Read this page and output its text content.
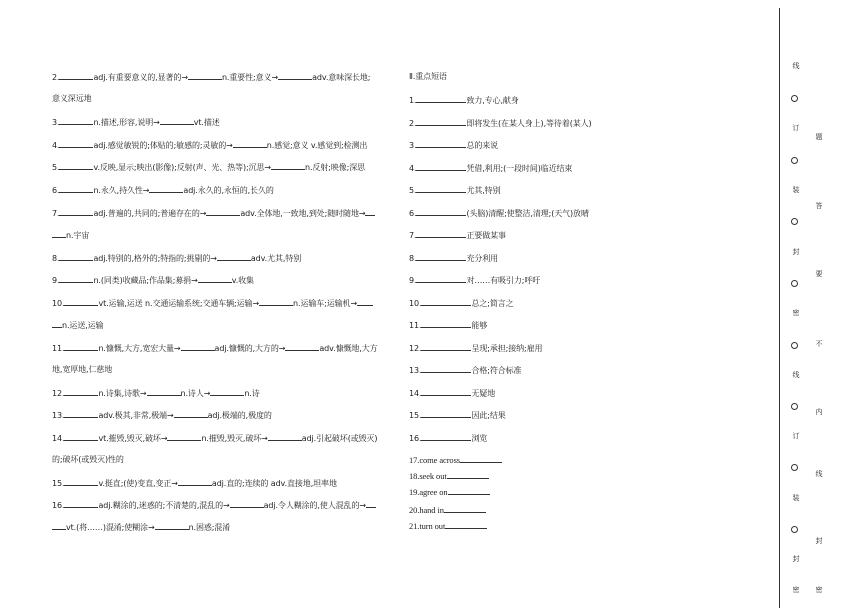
2.	adj.有重要意义的,显著的→	n.重要性;意义→	adv.意味深长地;
意义深远地
3.	n.描述,形容,说明→	vt.描述
4.	adj.感觉敏锐的;体贴的;敏感的;灵敏的→	n.感觉;意义 v.感觉到;检测出
5.	v.反映,显示;映出(影像);反射(声、光、热等);沉思→	n.反射;映像;深思
6.	n.永久,持久性→	adj.永久的,永恒的,长久的
7.	adj.普遍的,共同的;普遍存在的→	adv.全体地,一致地,到处;随时随地→
n.宇宙
8.	adj.特别的,格外的;特指的;挑剔的→	adv.尤其,特别
9.	n.(同类)收藏品;作品集;募捐→	v.收集
10.	vt.运输,运送 n.交通运输系统;交通车辆;运输→	n.运输车;运输机→
n.运送,运输
11.	n.慷慨,大方,宽宏大量→	adj.慷慨的,大方的→	adv.慷慨地,大方
地,宽厚地,仁慈地
12.	n.诗集,诗歌→	n.诗人→	n.诗
13.	adv.极其,非常,极端→	adj.极端的,极度的
14.	vt.摧毁,毁灭,破坏→	n.摧毁,毁灭,破坏→	adj.引起破坏(或毁灭)
的;破坏(或毁灭)性的
15.	v.挺直;(使)变直,变正→	adj.直的;连续的 adv.直接地,坦率地
16.	adj.糊涂的,迷惑的;不清楚的,混乱的→	adj.令人糊涂的,使人混乱的→
vt.(将……)混淆;使糊涂→	n.困惑;混淆
Ⅱ.重点短语
1.	致力,专心,献身
2.	即将发生(在某人身上),等待着(某人)
3.	总的来说
4.	凭借,利用;(一段时间)临近结束
5.	尤其,特别
6.	(头脑)清醒;使整洁,清理;(天气)放晴
7.	正要做某事
8.	充分利用
9.	对……有吸引力;呼吁
10.	总之;简言之
11.	能够
12.	呈现;承担;接纳;雇用
13.	合格;符合标准
14.	无疑地
15.	因此;结果
16.	浏览
17.come across
18.seek out
19.agree on
20.hand in
21.turn out
线
订
装
封
密
线
订
装
封
密
题
答
要
不
内
线
封
密
